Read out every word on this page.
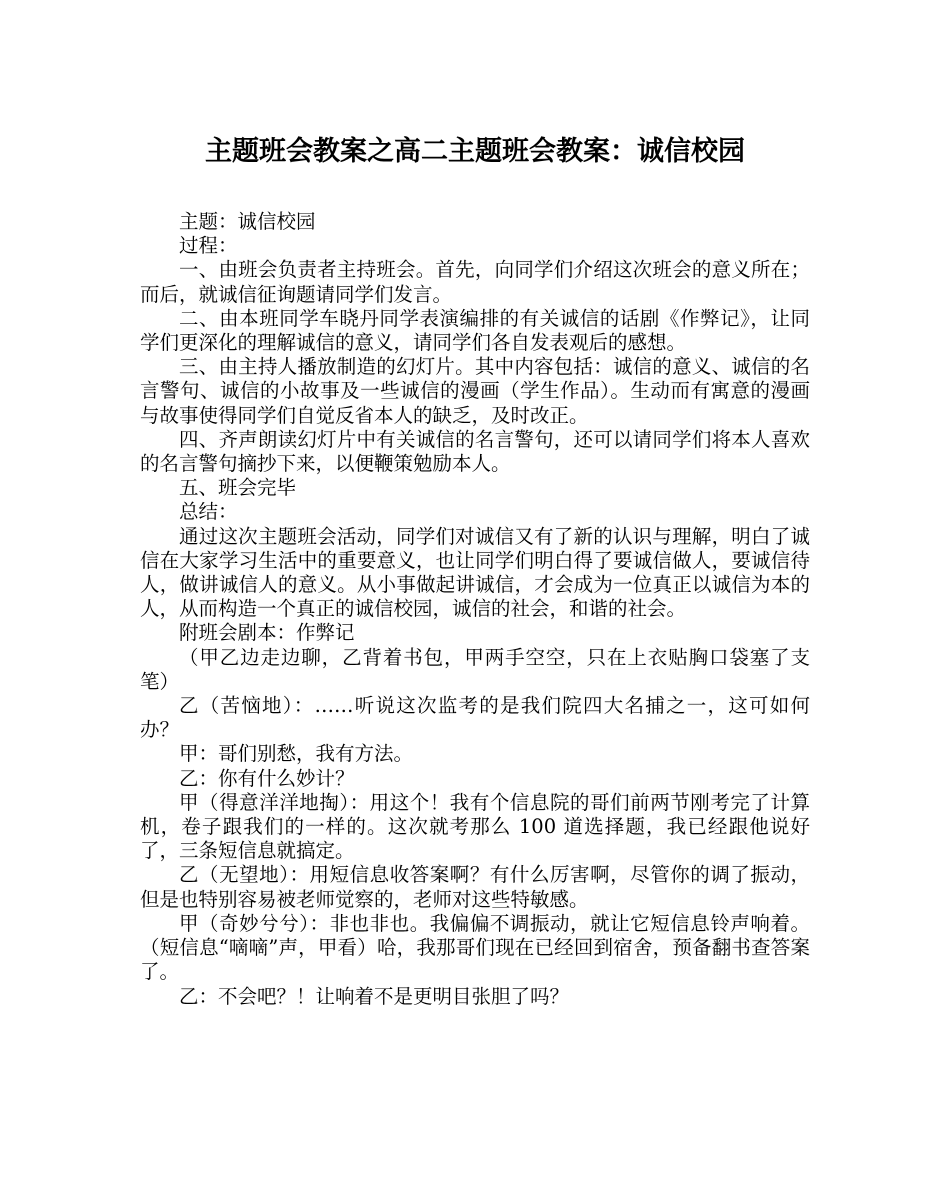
主题班会教案之高二主题班会教案：诚信校园

主题：诚信校园

过程：

一、由班会负责者主持班会。首先，向同学们介绍这次班会的意义所在；而后，就诚信征询题请同学们发言。

二、由本班同学车晓丹同学表演编排的有关诚信的话剧《作弊记》，让同学们更深化的理解诚信的意义，请同学们各自发表观后的感想。

三、由主持人播放制造的幻灯片。其中内容包括：诚信的意义、诚信的名言警句、诚信的小故事及一些诚信的漫画（学生作品）。生动而有寓意的漫画与故事使得同学们自觉反省本人的缺乏，及时改正。

四、齐声朗读幻灯片中有关诚信的名言警句，还可以请同学们将本人喜欢的名言警句摘抄下来，以便鞭策勉励本人。

五、班会完毕

总结：

通过这次主题班会活动，同学们对诚信又有了新的认识与理解，明白了诚信在大家学习生活中的重要意义，也让同学们明白得了要诚信做人，要诚信待人，做讲诚信人的意义。从小事做起讲诚信，才会成为一位真正以诚信为本的人，从而构造一个真正的诚信校园，诚信的社会，和谐的社会。

附班会剧本：作弊记

（甲乙边走边聊，乙背着书包，甲两手空空，只在上衣贴胸口袋塞了支笔）

乙（苦恼地）：……听说这次监考的是我们院四大名捕之一，这可如何办？

甲：哥们别愁，我有方法。

乙：你有什么妙计？

甲（得意洋洋地掏）：用这个！我有个信息院的哥们前两节刚考完了计算机，卷子跟我们的一样的。这次就考那么 100 道选择题，我已经跟他说好了，三条短信息就搞定。

乙（无望地）：用短信息收答案啊？有什么厉害啊，尽管你的调了振动，但是也特别容易被老师觉察的，老师对这些特敏感。

甲（奇妙兮兮）：非也非也。我偏偏不调振动，就让它短信息铃声响着。（短信息“嘀嘀”声，甲看）哈，我那哥们现在已经回到宿舍，预备翻书查答案了。

乙：不会吧？！让响着不是更明目张胆了吗？
